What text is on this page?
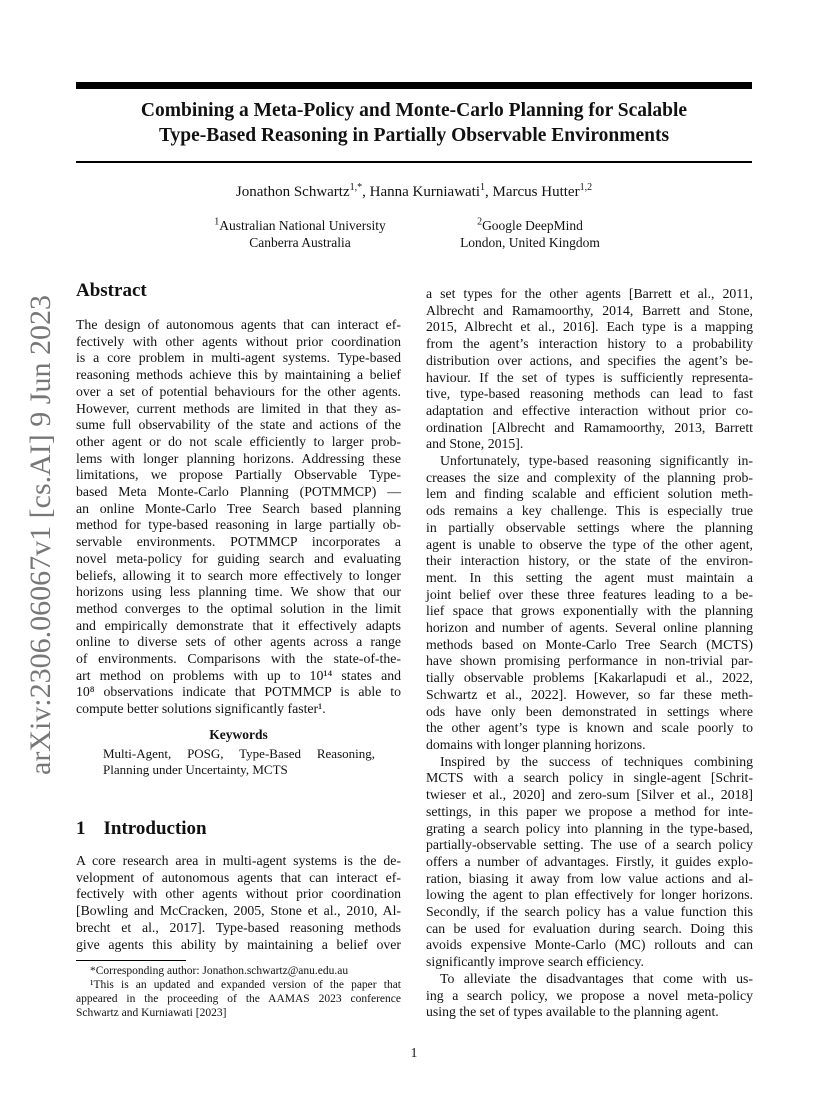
Combining a Meta-Policy and Monte-Carlo Planning for Scalable
Type-Based Reasoning in Partially Observable Environments
Jonathon Schwartz$^{1,*}$, Hanna Kurniawati$^1$, Marcus Hutter$^{1,2}$
$^1$Australian National University
Canberra Australia
$^2$Google DeepMind
London, United Kingdom
arXiv:2306.06067v1 [cs.AI] 9 Jun 2023
Abstract
The design of autonomous agents that can interact ef-
fectively with other agents without prior coordination
is a core problem in multi-agent systems. Type-based
reasoning methods achieve this by maintaining a belief
over a set of potential behaviours for the other agents.
However, current methods are limited in that they as-
sume full observability of the state and actions of the
other agent or do not scale efficiently to larger prob-
lems with longer planning horizons. Addressing these
limitations, we propose Partially Observable Type-
based Meta Monte-Carlo Planning (POTMMCP) —
an online Monte-Carlo Tree Search based planning
method for type-based reasoning in large partially ob-
servable environments. POTMMCP incorporates a
novel meta-policy for guiding search and evaluating
beliefs, allowing it to search more effectively to longer
horizons using less planning time. We show that our
method converges to the optimal solution in the limit
and empirically demonstrate that it effectively adapts
online to diverse sets of other agents across a range
of environments. Comparisons with the state-of-the-
art method on problems with up to 10¹⁴ states and
10⁸ observations indicate that POTMMCP is able to
compute better solutions significantly faster¹.
Keywords
Multi-Agent, POSG, Type-Based Reasoning,
Planning under Uncertainty, MCTS
1 Introduction
A core research area in multi-agent systems is the de-
velopment of autonomous agents that can interact ef-
fectively with other agents without prior coordination
[Bowling and McCracken, 2005, Stone et al., 2010, Al-
brecht et al., 2017]. Type-based reasoning methods
give agents this ability by maintaining a belief over
*Corresponding author: Jonathon.schwartz@anu.edu.au
¹This is an updated and expanded version of the paper that
appeared in the proceeding of the AAMAS 2023 conference
Schwartz and Kurniawati [2023]
a set types for the other agents [Barrett et al., 2011,
Albrecht and Ramamoorthy, 2014, Barrett and Stone,
2015, Albrecht et al., 2016]. Each type is a mapping
from the agent’s interaction history to a probability
distribution over actions, and specifies the agent’s be-
haviour. If the set of types is sufficiently representa-
tive, type-based reasoning methods can lead to fast
adaptation and effective interaction without prior co-
ordination [Albrecht and Ramamoorthy, 2013, Barrett
and Stone, 2015].
Unfortunately, type-based reasoning significantly in-
creases the size and complexity of the planning prob-
lem and finding scalable and efficient solution meth-
ods remains a key challenge. This is especially true
in partially observable settings where the planning
agent is unable to observe the type of the other agent,
their interaction history, or the state of the environ-
ment. In this setting the agent must maintain a
joint belief over these three features leading to a be-
lief space that grows exponentially with the planning
horizon and number of agents. Several online planning
methods based on Monte-Carlo Tree Search (MCTS)
have shown promising performance in non-trivial par-
tially observable problems [Kakarlapudi et al., 2022,
Schwartz et al., 2022]. However, so far these meth-
ods have only been demonstrated in settings where
the other agent’s type is known and scale poorly to
domains with longer planning horizons.
Inspired by the success of techniques combining
MCTS with a search policy in single-agent [Schrit-
twieser et al., 2020] and zero-sum [Silver et al., 2018]
settings, in this paper we propose a method for inte-
grating a search policy into planning in the type-based,
partially-observable setting. The use of a search policy
offers a number of advantages. Firstly, it guides explo-
ration, biasing it away from low value actions and al-
lowing the agent to plan effectively for longer horizons.
Secondly, if the search policy has a value function this
can be used for evaluation during search. Doing this
avoids expensive Monte-Carlo (MC) rollouts and can
significantly improve search efficiency.
To alleviate the disadvantages that come with us-
ing a search policy, we propose a novel meta-policy
using the set of types available to the planning agent.
1
